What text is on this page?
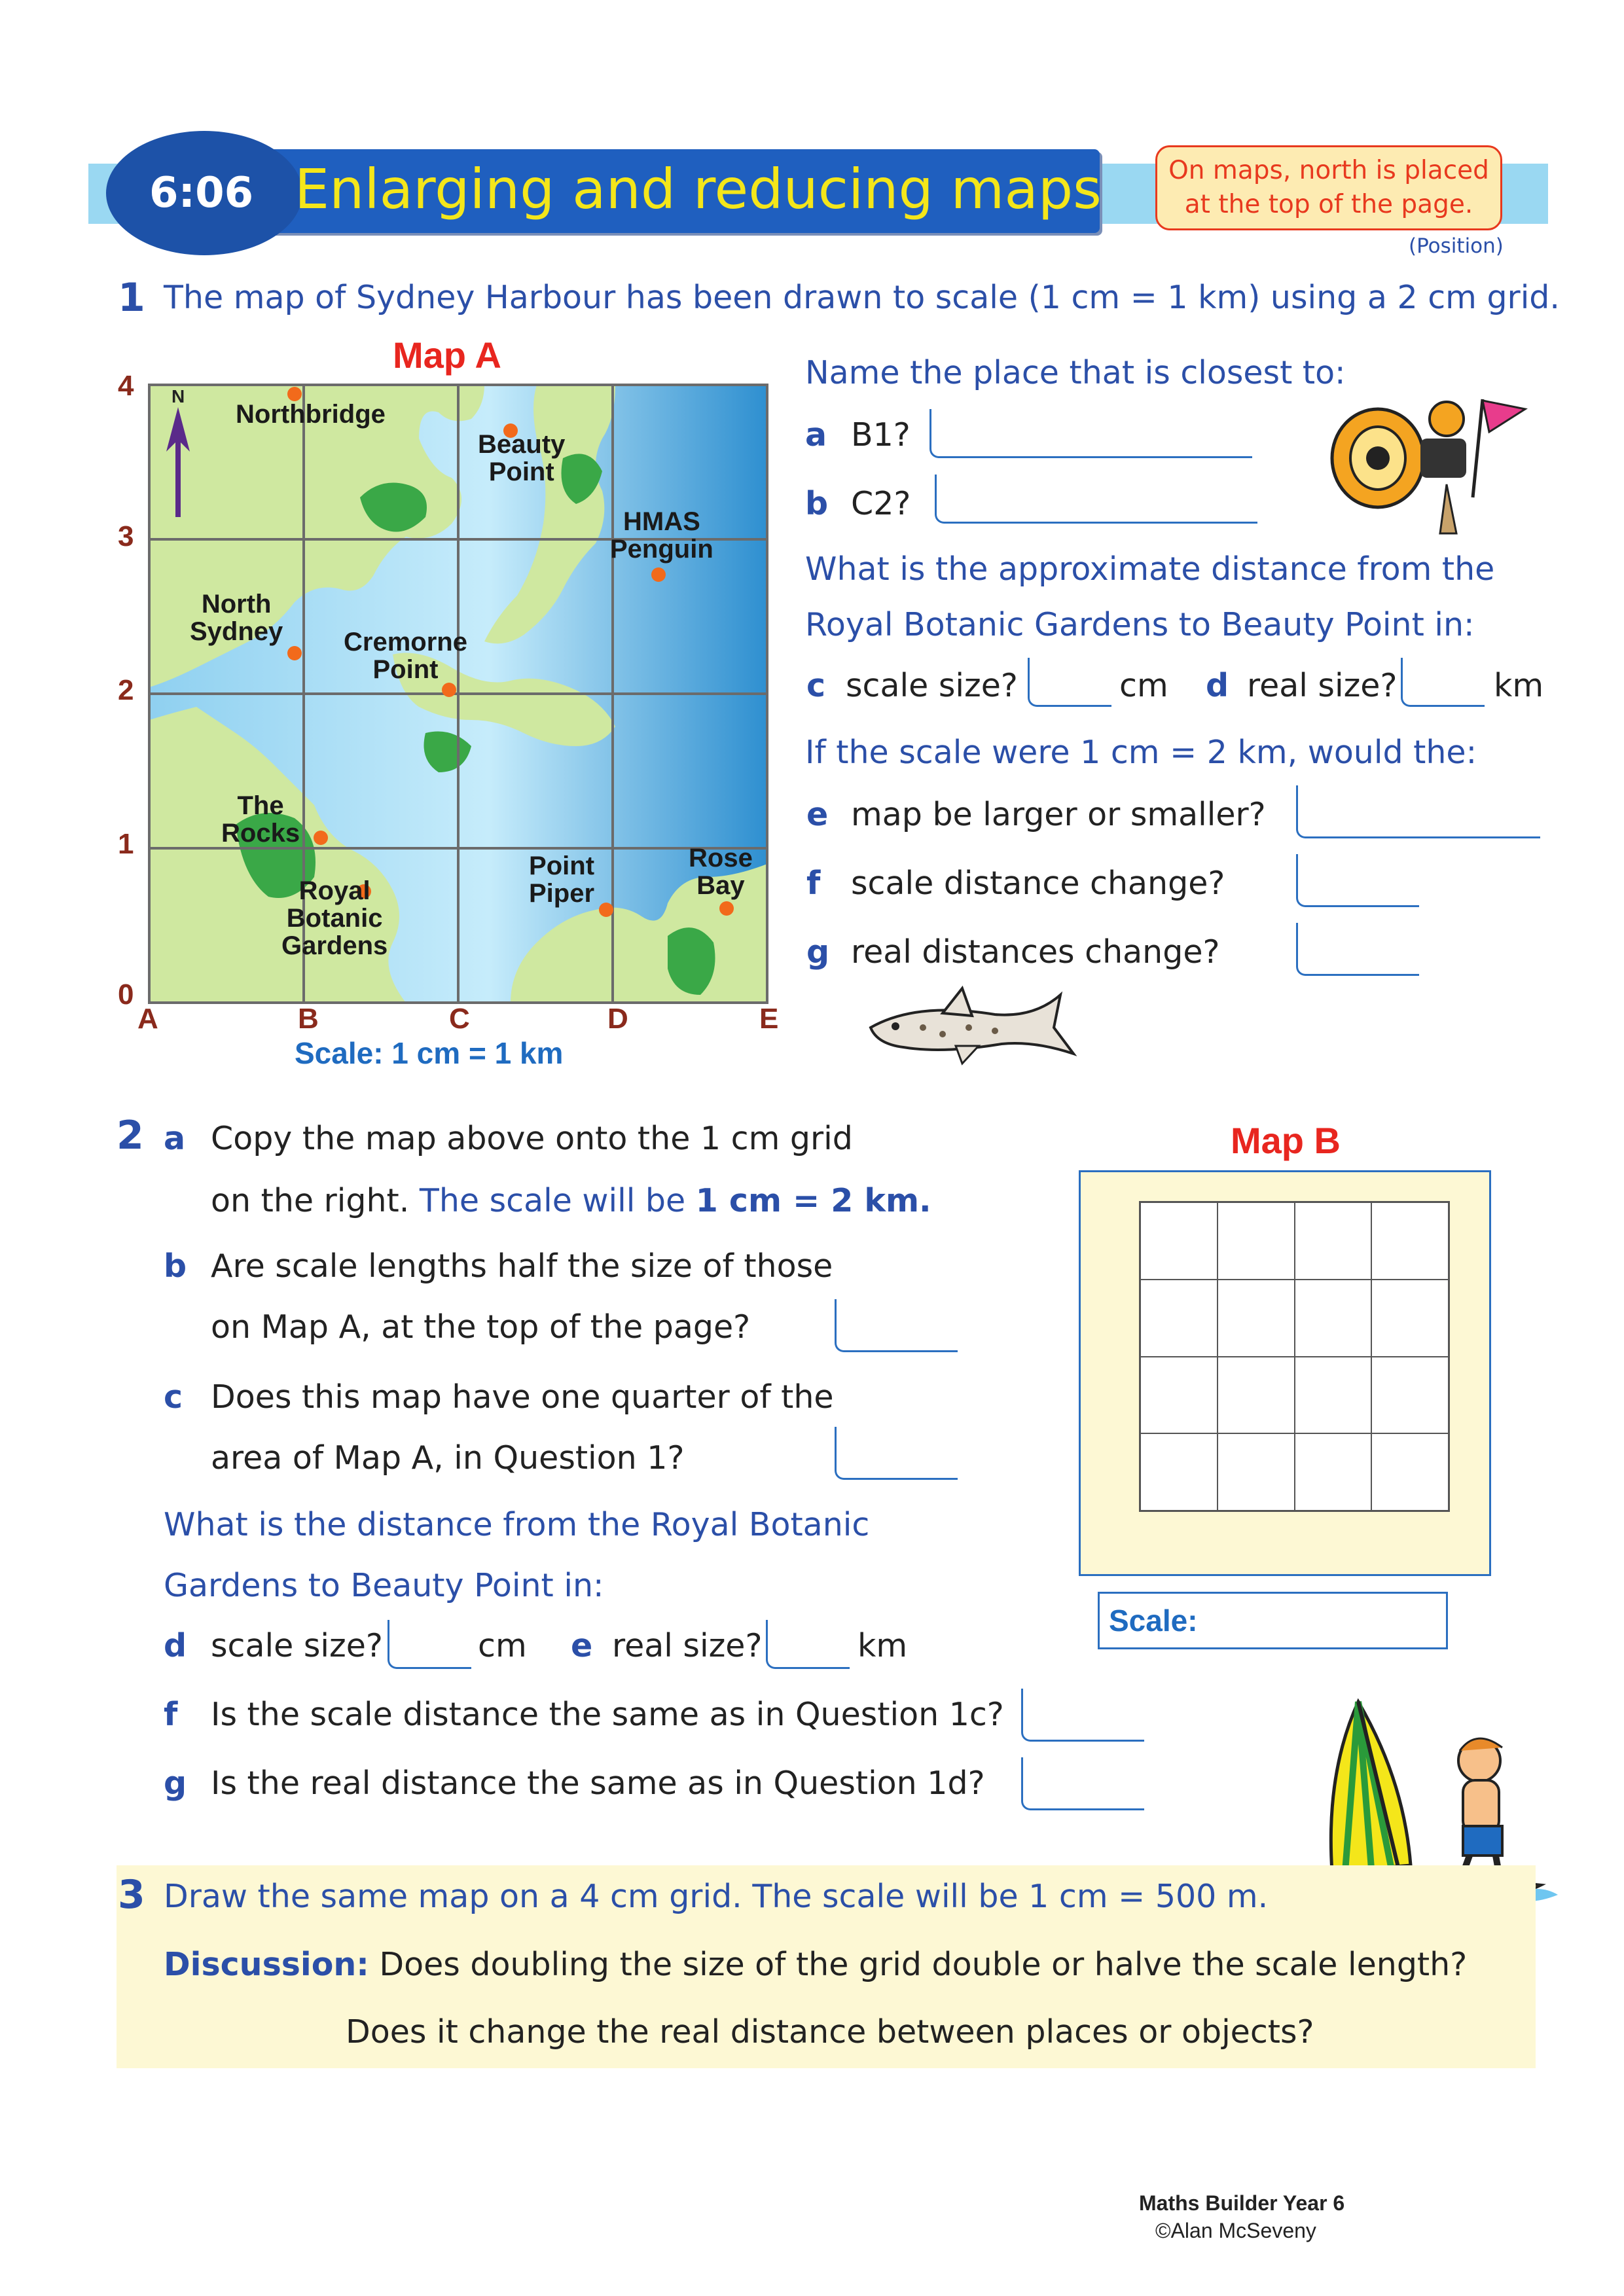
6:06 Enlarging and reducing maps	On maps, north is placed at the top of the page.
(Position)
1 The map of Sydney Harbour has been drawn to scale (1 cm = 1 km) using a 2 cm grid.
Map A
N
Northbridge
Beauty
Point
HMAS
Penguin
North
Sydney Cremorne
Point
The
Rocks
Royal
Botanic
Gardens
Point
Piper
Rose
Bay
4
3
2
1
0
A	B	C	D	E
Scale: 1 cm = 1 km
Name the place that is closest to:
a B1?
b C2?
What is the approximate distance from the
Royal Botanic Gardens to Beauty Point in:
c scale size?	cm d real size?	km
If the scale were 1 cm = 2 km, would the:
e map be larger or smaller?
f scale distance change?
g real distances change?
2 a Copy the map above onto the 1 cm grid
on the right. The scale will be 1 cm = 2 km.
b Are scale lengths half the size of those
on Map A, at the top of the page?
c Does this map have one quarter of the
area of Map A, in Question 1?
What is the distance from the Royal Botanic
Gardens to Beauty Point in:
d scale size?	cm e real size?	km
f Is the scale distance the same as in Question 1c?
g Is the real distance the same as in Question 1d?
Map B
Scale:
3 Draw the same map on a 4 cm grid. The scale will be 1 cm = 500 m.
Discussion: Does doubling the size of the grid double or halve the scale length?
Does it change the real distance between places or objects?
Maths Builder Year 6
©Alan McSeveny
